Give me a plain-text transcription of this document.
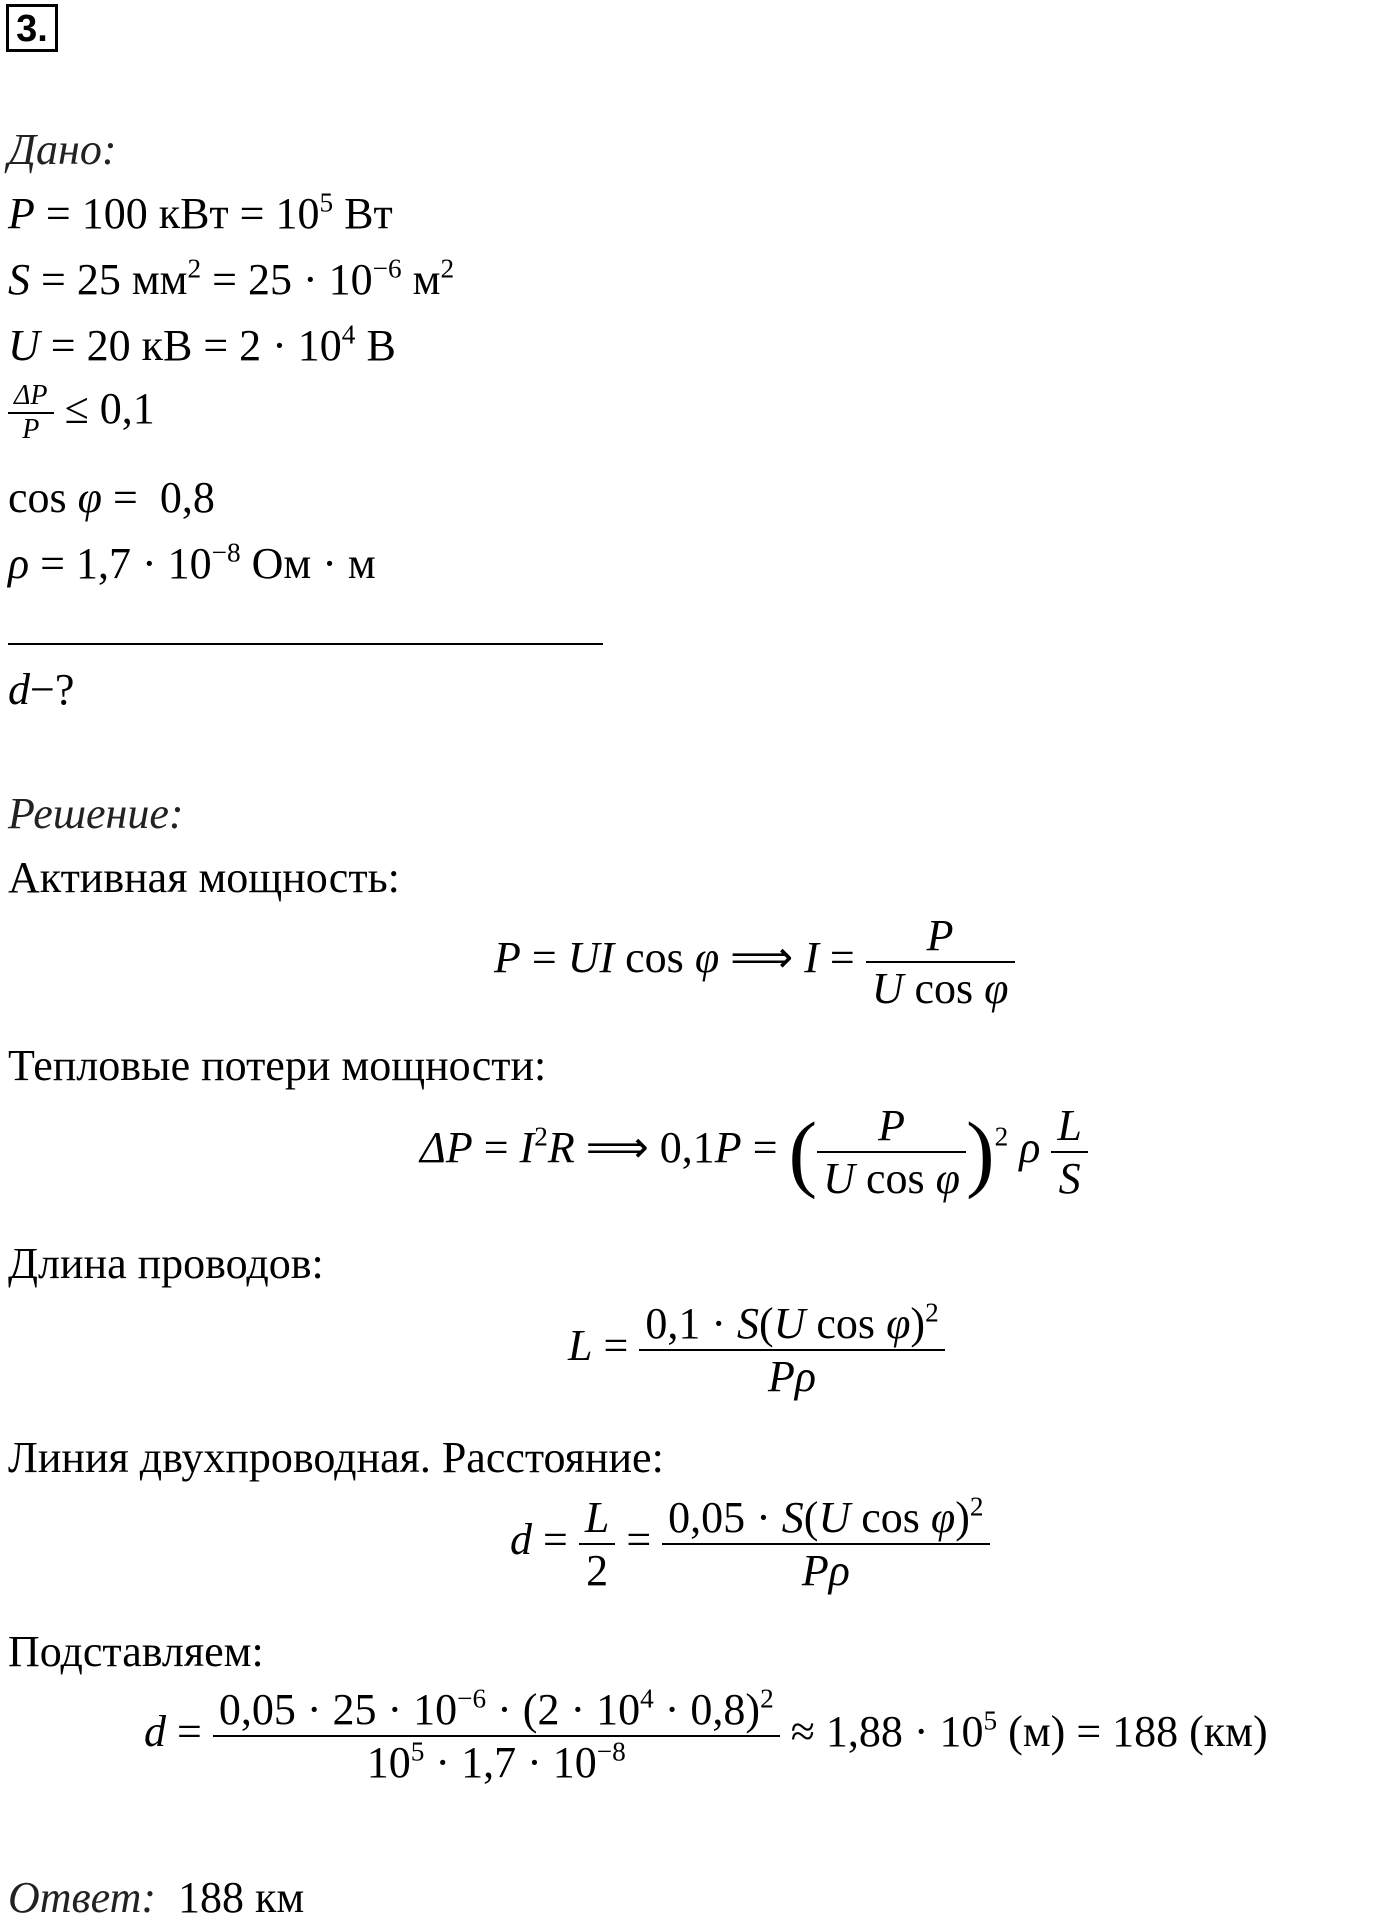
3.
Дано:
P = 100 кВт = $10^5$ Вт
S = 25 $мм^2 = 25 \cdot 10^{-6}$ $м^2$
U = 20 кВ = $2 \cdot 10^4$ В
$\frac{\Delta P}{P} \le 0,1$
cos φ =  0,8
$\rho = 1,7 \cdot 10^{-8}$ Ом · м
d−?
Решение:
Активная мощность:
P = UI cos φ ⟹ $I = \frac{P}{\text{U cos φ}}$
Тепловые потери мощности:
$\Delta P = I^2R$ ⟹ 0,1P = ( $\frac{P}{\text{U cos φ}} )^2$ ρ $\frac{L}{S}$
Длина проводов:
$L = \frac{0,1 \cdot S(U \cos \varphi)^2}{P\rho}$
Линия двухпроводная. Расстояние:
$d = \frac{L}{2} = \frac{0,05 \cdot S(U \cos \varphi)^2}{P\rho}$
Подставляем:
$d = \frac{0,05 \cdot 25 \cdot 10^{-6} \cdot (2 \cdot 10^4 \cdot 0,8)^2}{10^5 \cdot 1,7 \cdot 10^{-8}} \approx 1,88 \cdot 10^5$ (м) = 188 (км)
Ответ: 188 км
